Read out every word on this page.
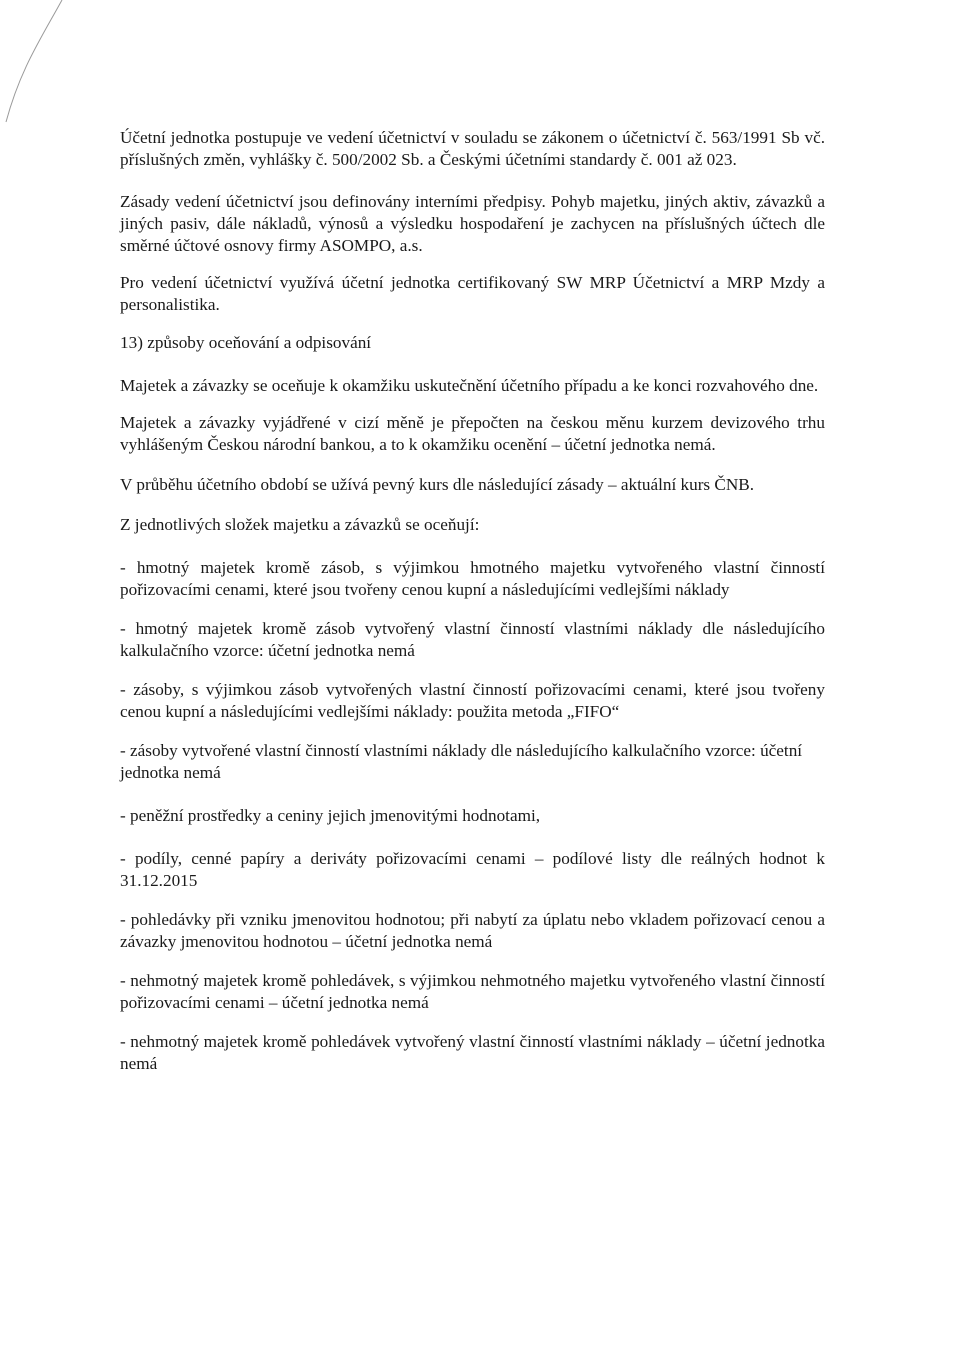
Účetní jednotka postupuje ve vedení účetnictví v souladu se zákonem o účetnictví č. 563/1991 Sb vč. příslušných změn, vyhlášky č. 500/2002 Sb. a Českými účetními standardy č. 001 až 023.

Zásady vedení účetnictví jsou definovány interními předpisy. Pohyb majetku, jiných aktiv, závazků a jiných pasiv, dále nákladů, výnosů a výsledku hospodaření je zachycen na příslušných účtech dle směrné účtové osnovy firmy ASOMPO, a.s.

Pro vedení účetnictví využívá účetní jednotka certifikovaný SW MRP Účetnictví a MRP Mzdy a personalistika.

13) způsoby oceňování a odpisování

Majetek a závazky se oceňuje k okamžiku uskutečnění účetního případu a ke konci rozvahového dne.

Majetek a závazky vyjádřené v cizí měně je přepočten na českou měnu kurzem devizového trhu vyhlášeným Českou národní bankou, a to k okamžiku ocenění – účetní jednotka nemá.

V průběhu účetního období se užívá pevný kurs dle následující zásady – aktuální kurs ČNB.

Z jednotlivých složek majetku a závazků se oceňují:

- hmotný majetek kromě zásob, s výjimkou hmotného majetku vytvořeného vlastní činností pořizovacími cenami, které jsou tvořeny cenou kupní a následujícími vedlejšími náklady

- hmotný majetek kromě zásob vytvořený vlastní činností vlastními náklady dle následujícího kalkulačního vzorce: účetní jednotka nemá

- zásoby, s výjimkou zásob vytvořených vlastní činností pořizovacími cenami, které jsou tvořeny cenou kupní a následujícími vedlejšími náklady: použita metoda „FIFO“

- zásoby vytvořené vlastní činností vlastními náklady dle následujícího kalkulačního vzorce: účetní jednotka nemá

- peněžní prostředky a ceniny jejich jmenovitými hodnotami,

- podíly, cenné papíry a deriváty pořizovacími cenami – podílové listy dle reálných hodnot k 31.12.2015

- pohledávky při vzniku jmenovitou hodnotou; při nabytí za úplatu nebo vkladem pořizovací cenou a závazky jmenovitou hodnotou – účetní jednotka nemá

- nehmotný majetek kromě pohledávek, s výjimkou nehmotného majetku vytvořeného vlastní činností pořizovacími cenami – účetní jednotka nemá

- nehmotný majetek kromě pohledávek vytvořený vlastní činností vlastními náklady – účetní jednotka nemá
